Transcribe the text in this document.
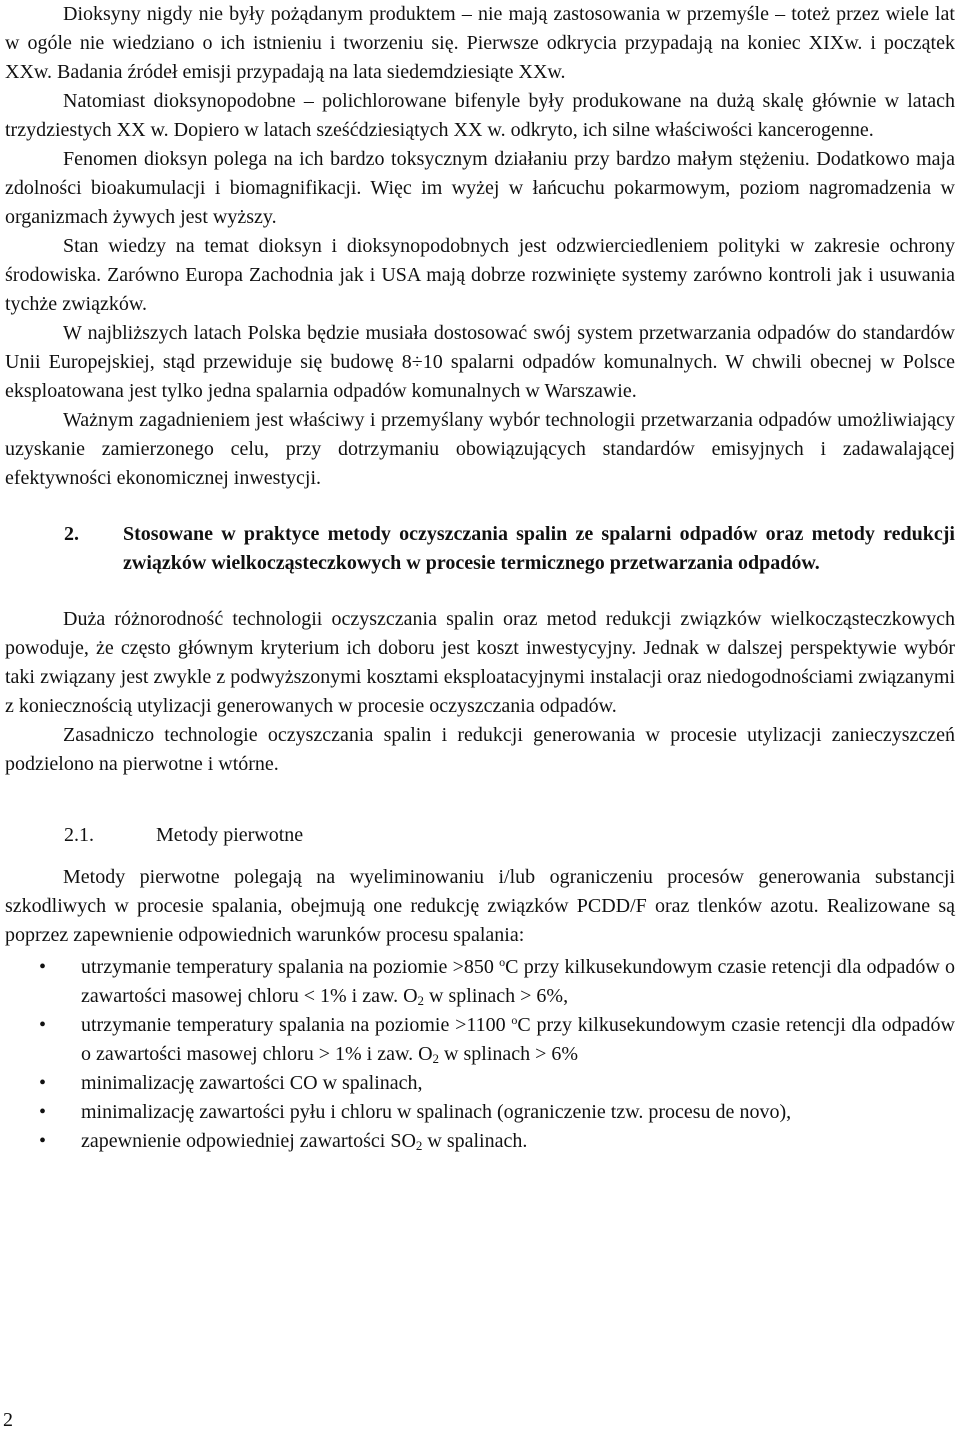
Dioksyny nigdy nie były pożądanym produktem – nie mają zastosowania w przemyśle – toteż przez wiele lat w ogóle nie wiedziano o ich istnieniu i tworzeniu się. Pierwsze odkrycia przypadają na koniec XIXw. i początek XXw. Badania źródeł emisji przypadają na lata siedemdziesiąte XXw.

Natomiast dioksynopodobne – polichlorowane bifenyle były produkowane na dużą skalę głównie w latach trzydziestych XX w. Dopiero w latach sześćdziesiątych XX w. odkryto, ich silne właściwości kancerogenne.

Fenomen dioksyn polega na ich bardzo toksycznym działaniu przy bardzo małym stężeniu. Dodatkowo maja zdolności bioakumulacji i biomagnifikacji. Więc im wyżej w łańcuchu pokarmowym, poziom nagromadzenia w organizmach żywych jest wyższy.

Stan wiedzy na temat dioksyn i dioksynopodobnych jest odzwierciedleniem polityki w zakresie ochrony środowiska. Zarówno Europa Zachodnia jak i USA mają dobrze rozwinięte systemy zarówno kontroli jak i usuwania tychże związków.

W najbliższych latach Polska będzie musiała dostosować swój system przetwarzania odpadów do standardów Unii Europejskiej, stąd przewiduje się budowę 8÷10 spalarni odpadów komunalnych. W chwili obecnej w Polsce eksploatowana jest tylko jedna spalarnia odpadów komunalnych w Warszawie.

Ważnym zagadnieniem jest właściwy i przemyślany wybór technologii przetwarzania odpadów umożliwiający uzyskanie zamierzonego celu, przy dotrzymaniu obowiązujących standardów emisyjnych i zadawalającej efektywności ekonomicznej inwestycji.

2.	Stosowane w praktyce metody oczyszczania spalin ze spalarni odpadów oraz metody redukcji związków wielkocząsteczkowych w procesie termicznego przetwarzania odpadów.

Duża różnorodność technologii oczyszczania spalin oraz metod redukcji związków wielkocząsteczkowych powoduje, że często głównym kryterium ich doboru jest koszt inwestycyjny. Jednak w dalszej perspektywie wybór taki związany jest zwykle z podwyższonymi kosztami eksploatacyjnymi instalacji oraz niedogodnościami związanymi z koniecznością utylizacji generowanych w procesie oczyszczania odpadów.

Zasadniczo technologie oczyszczania spalin i redukcji generowania w procesie utylizacji zanieczyszczeń podzielono na pierwotne i wtórne.

2.1.	Metody pierwotne

Metody pierwotne polegają na wyeliminowaniu i/lub ograniczeniu procesów generowania substancji szkodliwych w procesie spalania, obejmują one redukcję związków PCDD/F oraz tlenków azotu. Realizowane są poprzez zapewnienie odpowiednich warunków procesu spalania:

• utrzymanie temperatury spalania na poziomie >850 $^o$C przy kilkusekundowym czasie retencji dla odpadów o zawartości masowej chloru < 1% i zaw. $O_2$ w splinach > 6%,
• utrzymanie temperatury spalania na poziomie >1100 $^o$C przy kilkusekundowym czasie retencji dla odpadów o zawartości masowej chloru > 1% i zaw. $O_2$ w splinach > 6%
• minimalizację zawartości CO w spalinach,
• minimalizację zawartości pyłu i chloru w spalinach (ograniczenie tzw. procesu de novo),
• zapewnienie odpowiedniej zawartości $SO_2$ w spalinach.
2
